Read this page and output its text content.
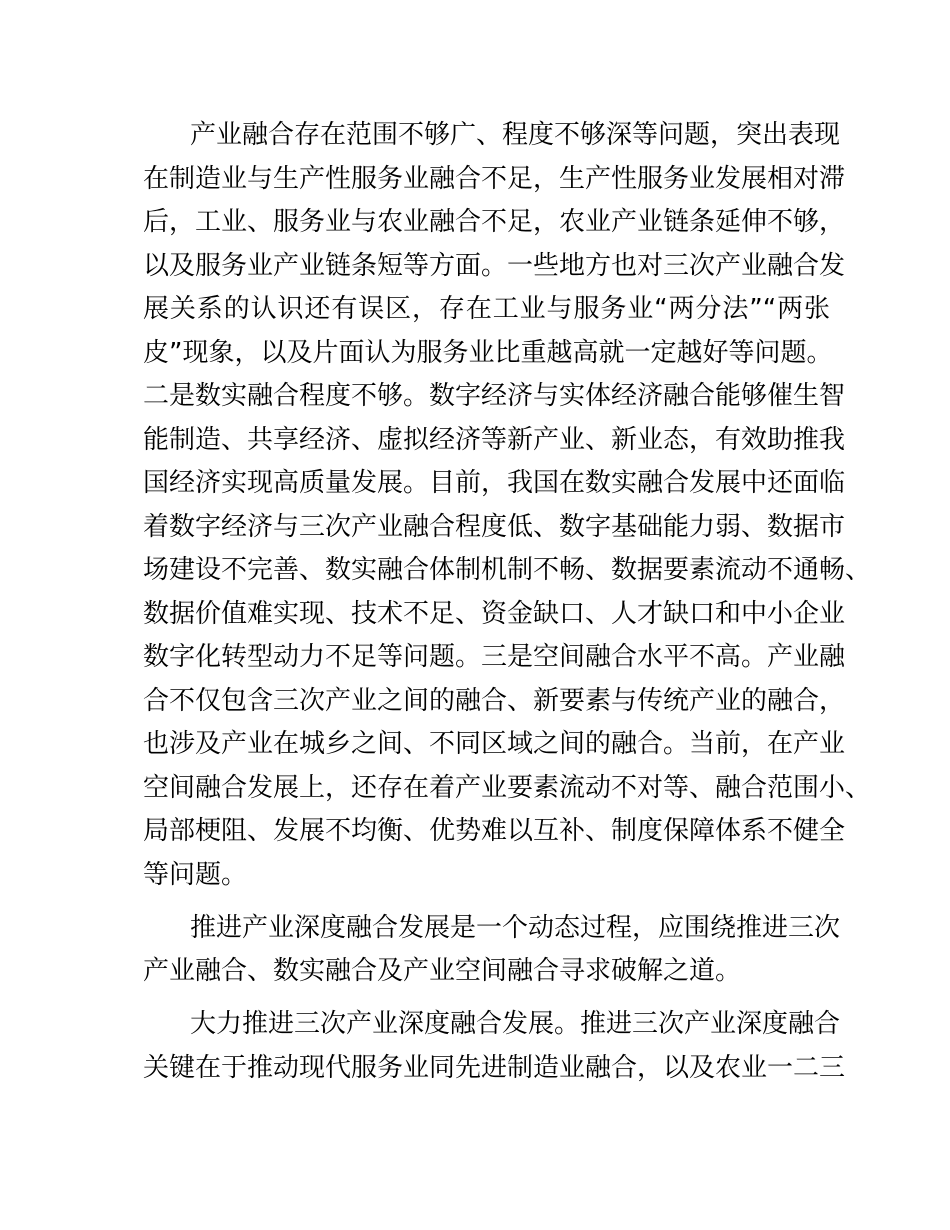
产业融合存在范围不够广、程度不够深等问题，突出表现
在制造业与生产性服务业融合不足，生产性服务业发展相对滞
后，工业、服务业与农业融合不足，农业产业链条延伸不够，
以及服务业产业链条短等方面。一些地方也对三次产业融合发
展关系的认识还有误区，存在工业与服务业“两分法”“两张
皮”现象，以及片面认为服务业比重越高就一定越好等问题。
二是数实融合程度不够。数字经济与实体经济融合能够催生智
能制造、共享经济、虚拟经济等新产业、新业态，有效助推我
国经济实现高质量发展。目前，我国在数实融合发展中还面临
着数字经济与三次产业融合程度低、数字基础能力弱、数据市
场建设不完善、数实融合体制机制不畅、数据要素流动不通畅、
数据价值难实现、技术不足、资金缺口、人才缺口和中小企业
数字化转型动力不足等问题。三是空间融合水平不高。产业融
合不仅包含三次产业之间的融合、新要素与传统产业的融合，
也涉及产业在城乡之间、不同区域之间的融合。当前，在产业
空间融合发展上，还存在着产业要素流动不对等、融合范围小、
局部梗阻、发展不均衡、优势难以互补、制度保障体系不健全
等问题。
推进产业深度融合发展是一个动态过程，应围绕推进三次
产业融合、数实融合及产业空间融合寻求破解之道。
大力推进三次产业深度融合发展。推进三次产业深度融合
关键在于推动现代服务业同先进制造业融合，以及农业一二三
